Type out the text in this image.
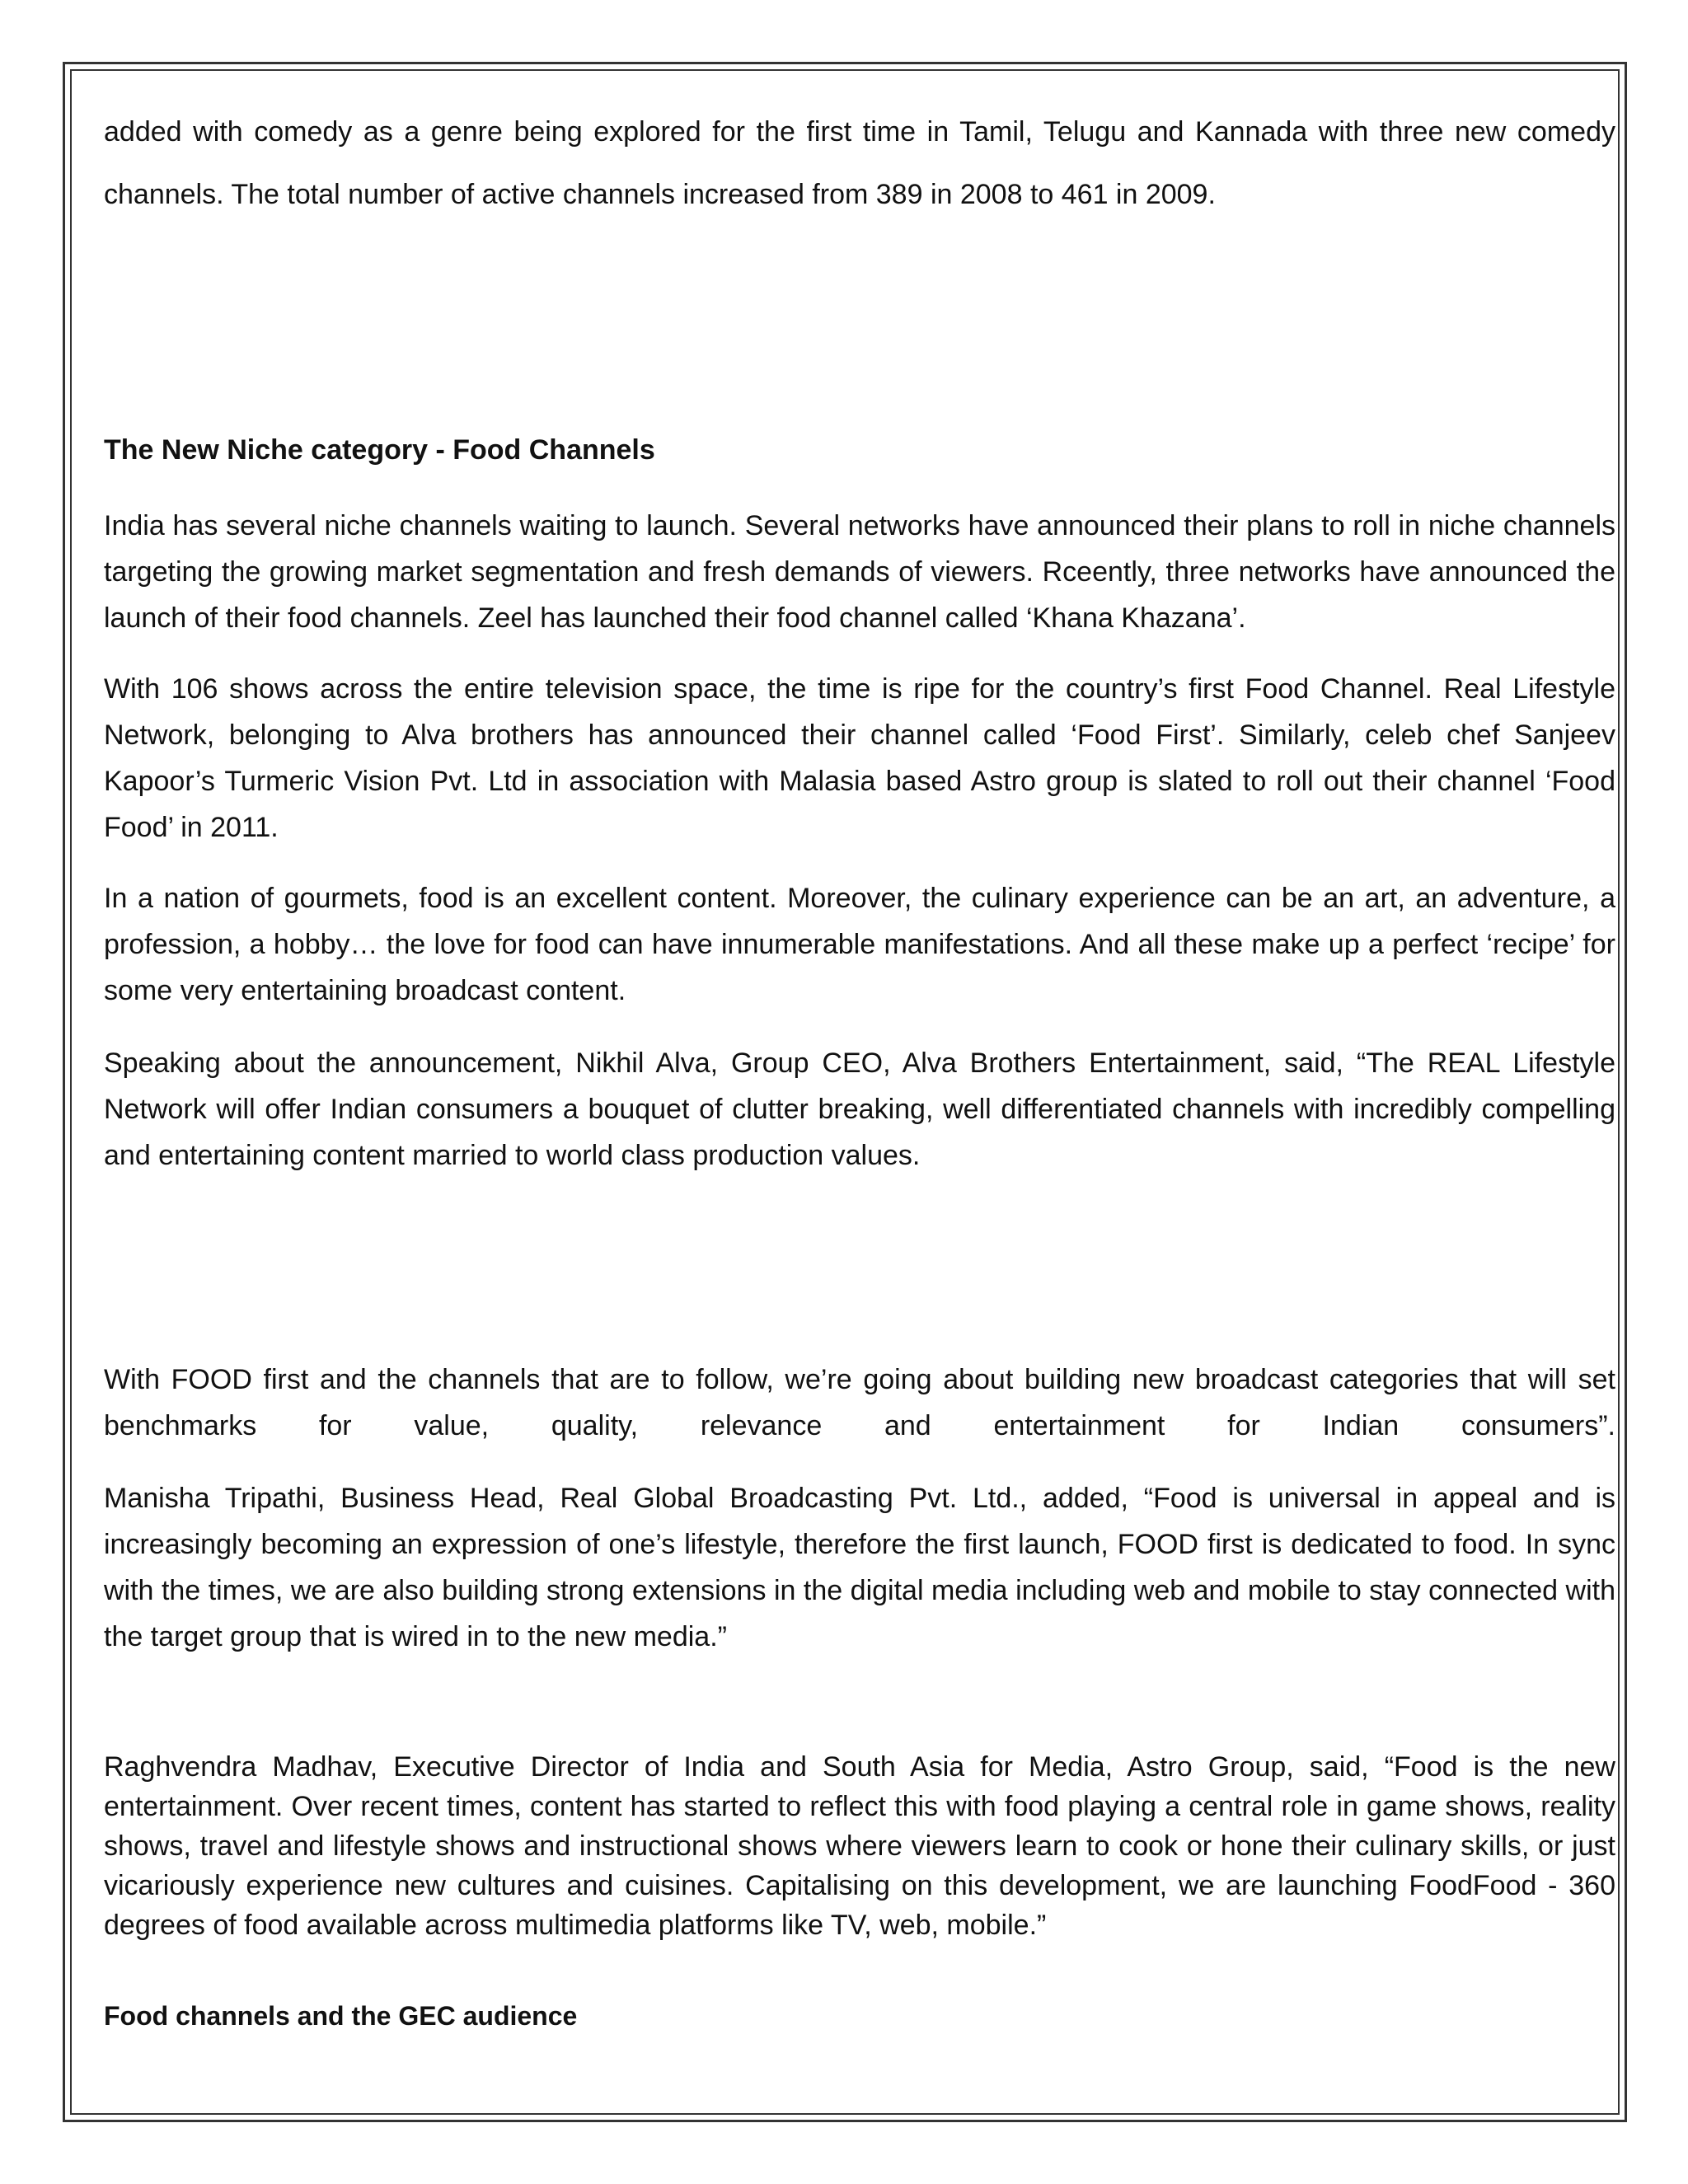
added with comedy as a genre being explored for the first time in Tamil, Telugu and Kannada with three new comedy channels. The total number of active channels increased from 389 in 2008 to 461 in 2009.

The New Niche category - Food Channels

India has several niche channels waiting to launch. Several networks have announced their plans to roll in niche channels targeting the growing market segmentation and fresh demands of viewers. Rceently, three networks have announced the launch of their food channels. Zeel has launched their food channel called ‘Khana Khazana’.

With 106 shows across the entire television space, the time is ripe for the country’s first Food Channel. Real Lifestyle Network, belonging to Alva brothers has announced their channel called ‘Food First’. Similarly, celeb chef Sanjeev Kapoor’s Turmeric Vision Pvt. Ltd in association with Malasia based Astro group is slated to roll out their channel ‘Food Food’ in 2011.

In a nation of gourmets, food is an excellent content. Moreover, the culinary experience can be an art, an adventure, a profession, a hobby… the love for food can have innumerable manifestations. And all these make up a perfect ‘recipe’ for some very entertaining broadcast content.

Speaking about the announcement, Nikhil Alva, Group CEO, Alva Brothers Entertainment, said, “The REAL Lifestyle Network will offer Indian consumers a bouquet of clutter breaking, well differentiated channels with incredibly compelling and entertaining content married to world class production values.

With FOOD first and the channels that are to follow, we’re going about building new broadcast categories that will set benchmarks for value, quality, relevance and entertainment for Indian consumers”.

Manisha Tripathi, Business Head, Real Global Broadcasting Pvt. Ltd., added, “Food is universal in appeal and is increasingly becoming an expression of one’s lifestyle, therefore the first launch, FOOD first is dedicated to food. In sync with the times, we are also building strong extensions in the digital media including web and mobile to stay connected with the target group that is wired in to the new media.”

Raghvendra Madhav, Executive Director of India and South Asia for Media, Astro Group, said, “Food is the new entertainment. Over recent times, content has started to reflect this with food playing a central role in game shows, reality shows, travel and lifestyle shows and instructional shows where viewers learn to cook or hone their culinary skills, or just vicariously experience new cultures and cuisines. Capitalising on this development, we are launching FoodFood - 360 degrees of food available across multimedia platforms like TV, web, mobile.”

Food channels and the GEC audience
